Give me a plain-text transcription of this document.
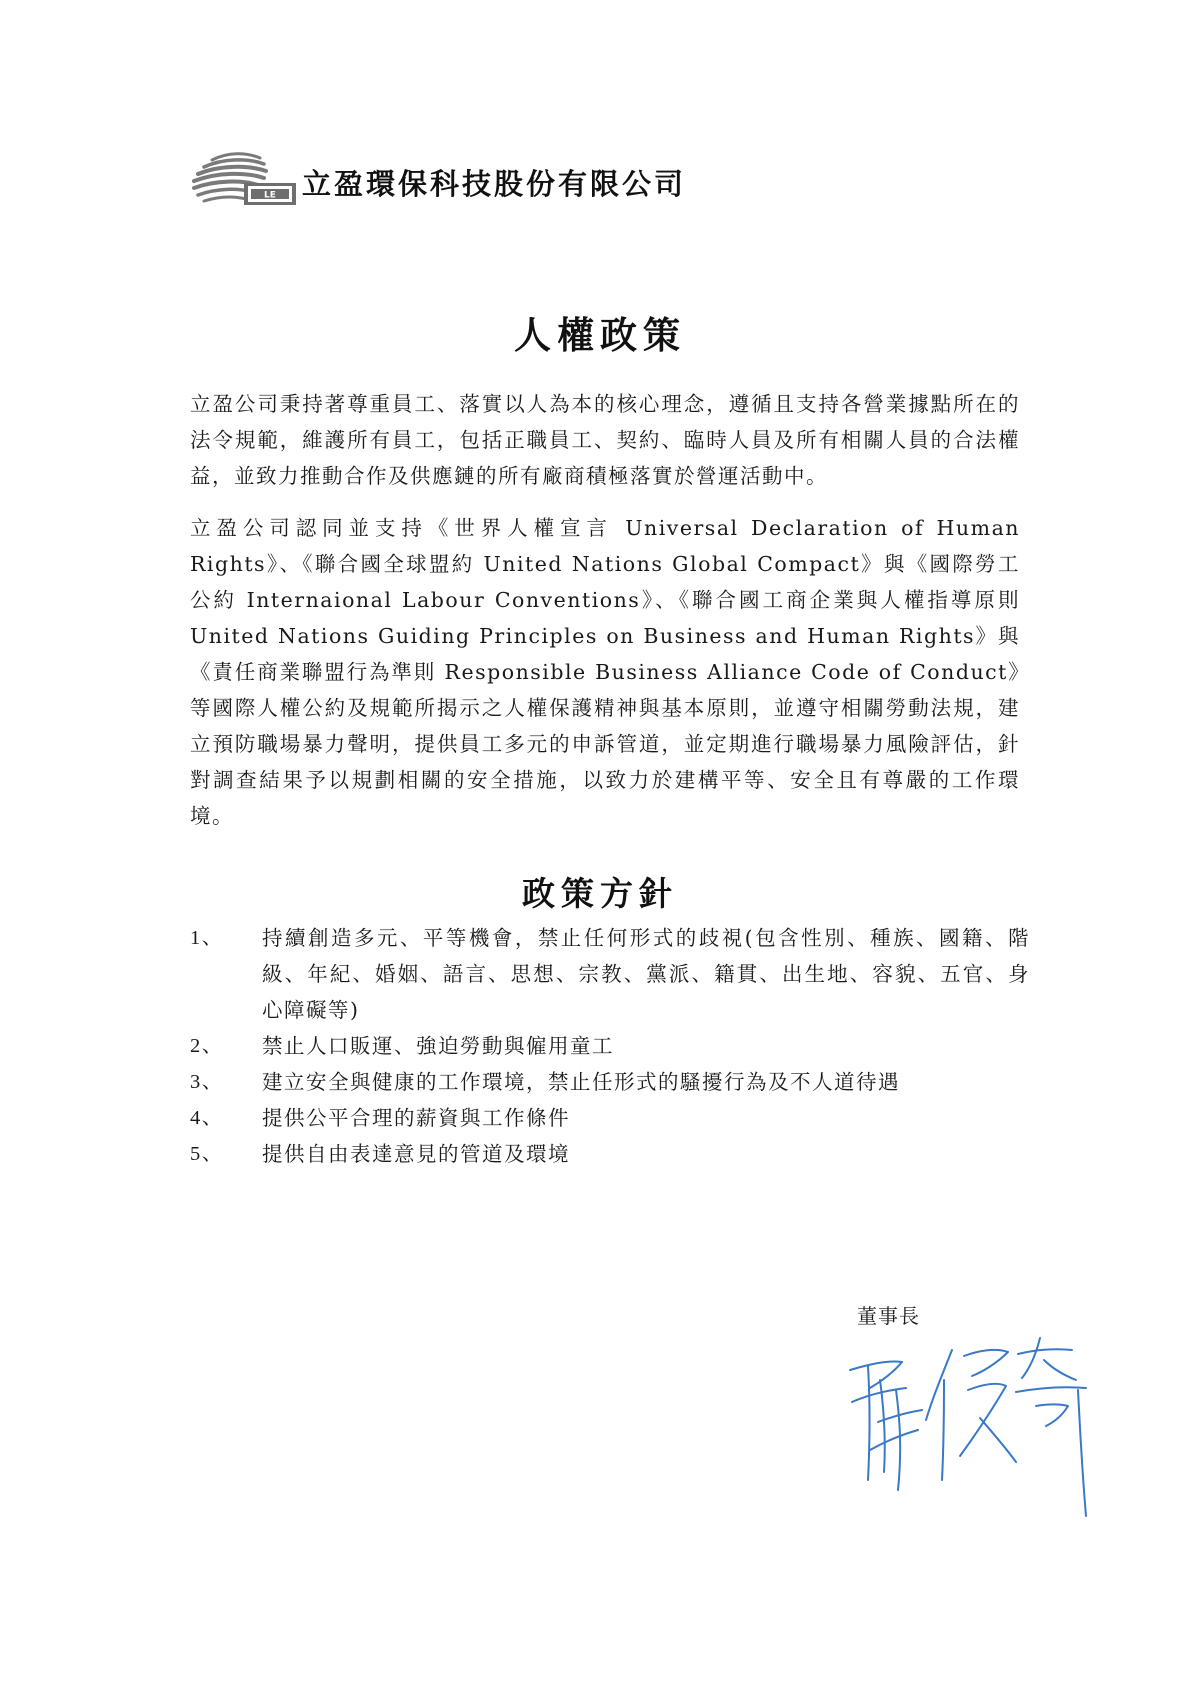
LE 立盈環保科技股份有限公司
人權政策

立盈公司秉持著尊重員工、落實以人為本的核心理念，遵循且支持各營業據點所在的法令規範，維護所有員工，包括正職員工、契約、臨時人員及所有相關人員的合法權益，並致力推動合作及供應鏈的所有廠商積極落實於營運活動中。

立盈公司認同並支持《世界人權宣言 Universal Declaration of Human Rights》、《聯合國全球盟約 United Nations Global Compact》與《國際勞工公約 Internaional Labour Conventions》、《聯合國工商企業與人權指導原則 United Nations Guiding Principles on Business and Human Rights》與《責任商業聯盟行為準則 Responsible Business Alliance Code of Conduct》等國際人權公約及規範所揭示之人權保護精神與基本原則，並遵守相關勞動法規，建立預防職場暴力聲明，提供員工多元的申訴管道，並定期進行職場暴力風險評估，針對調查結果予以規劃相關的安全措施，以致力於建構平等、安全且有尊嚴的工作環境。

政策方針
1、	持續創造多元、平等機會，禁止任何形式的歧視(包含性別、種族、國籍、階級、年紀、婚姻、語言、思想、宗教、黨派、籍貫、出生地、容貌、五官、身心障礙等)
2、	禁止人口販運、強迫勞動與僱用童工
3、	建立安全與健康的工作環境，禁止任形式的騷擾行為及不人道待遇
4、	提供公平合理的薪資與工作條件
5、	提供自由表達意見的管道及環境
董事長
